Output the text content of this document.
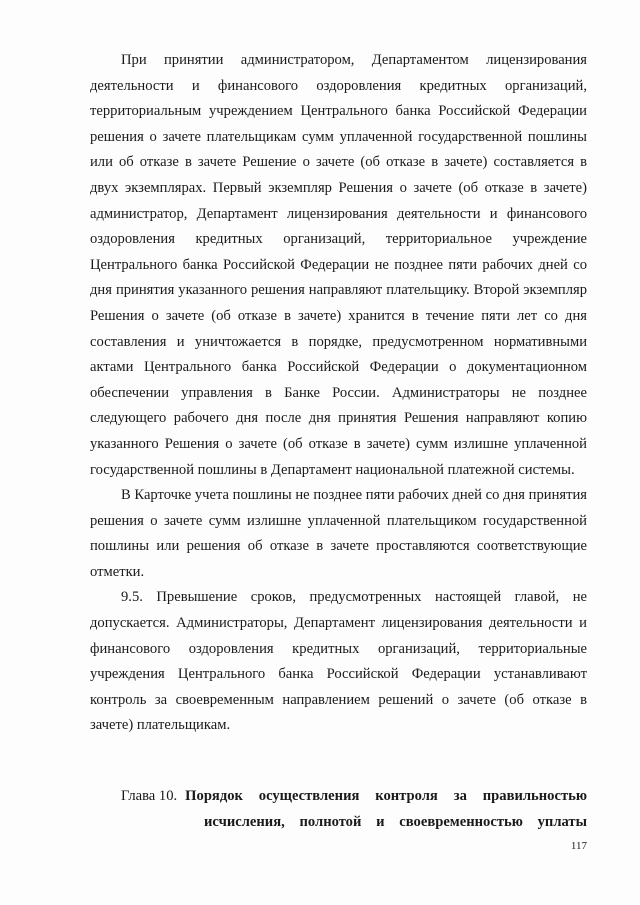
При принятии администратором, Департаментом лицензирования деятельности и финансового оздоровления кредитных организаций, территориальным учреждением Центрального банка Российской Федерации решения о зачете плательщикам сумм уплаченной государственной пошлины или об отказе в зачете Решение о зачете (об отказе в зачете) составляется в двух экземплярах. Первый экземпляр Решения о зачете (об отказе в зачете) администратор, Департамент лицензирования деятельности и финансового оздоровления кредитных организаций, территориальное учреждение Центрального банка Российской Федерации не позднее пяти рабочих дней со дня принятия указанного решения направляют плательщику. Второй экземпляр Решения о зачете (об отказе в зачете) хранится в течение пяти лет со дня составления и уничтожается в порядке, предусмотренном нормативными актами Центрального банка Российской Федерации о документационном обеспечении управления в Банке России. Администраторы не позднее следующего рабочего дня после дня принятия Решения направляют копию указанного Решения о зачете (об отказе в зачете) сумм излишне уплаченной государственной пошлины в Департамент национальной платежной системы.

В Карточке учета пошлины не позднее пяти рабочих дней со дня принятия решения о зачете сумм излишне уплаченной плательщиком государственной пошлины или решения об отказе в зачете проставляются соответствующие отметки.

9.5. Превышение сроков, предусмотренных настоящей главой, не допускается. Администраторы, Департамент лицензирования деятельности и финансового оздоровления кредитных организаций, территориальные учреждения Центрального банка Российской Федерации устанавливают контроль за своевременным направлением решений о зачете (об отказе в зачете) плательщикам.

Глава 10. Порядок осуществления контроля за правильностью
исчисления, полнотой и своевременностью уплаты
117
